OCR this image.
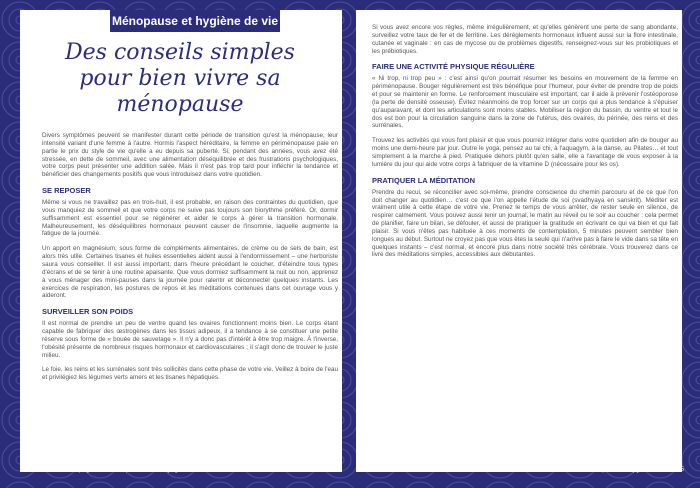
Ménopause et hygiène de vie
Des conseils simples pour bien vivre sa ménopause

Divers symptômes peuvent se manifester durant cette période de transition qu'est la ménopause, leur intensité variant d'une femme à l'autre. Hormis l'aspect héréditaire, la femme en périménopause paie en partie le prix du style de vie qu'elle a eu depuis sa puberté. Si, pendant des années, vous avez été stressée, en dette de sommeil, avec une alimentation déséquilibrée et des frustrations psychologiques, votre corps peut présenter une addition salée. Mais il n'est pas trop tard pour infléchir la tendance et bénéficier des changements positifs que vous introduisez dans votre quotidien.

SE REPOSER

Même si vous ne travaillez pas en trois-huit, il est probable, en raison des contraintes du quotidien, que vous manquiez de sommeil et que votre corps ne suive pas toujours son biorythme préféré. Or, dormir suffisamment est essentiel pour se régénérer et aider le corps à gérer la transition hormonale. Malheureusement, les déséquilibres hormonaux peuvent causer de l'insomnie, laquelle augmente la fatigue de la journée.

Un apport en magnésium, sous forme de compléments alimentaires, de crème ou de sels de bain, est alors très utile. Certaines tisanes et huiles essentielles aident aussi à l'endormissement – une herboriste saura vous conseiller. Il est aussi important, dans l'heure précédant le coucher, d'éteindre tous types d'écrans et de se tenir à une routine apaisante. Que vous dormiez suffisamment la nuit ou non, apprenez à vous ménager des mini-pauses dans la journée pour ralentir et déconnecter quelques instants. Les exercices de respiration, les postures de repos et les méditations contenues dans cet ouvrage vous y aideront.

SURVEILLER SON POIDS

Il est normal de prendre un peu de ventre quand les ovaires fonctionnent moins bien. Le corps étant capable de fabriquer des œstrogènes dans les tissus adipeux, il a tendance à se constituer une petite réserve sous forme de « bouée de sauvetage ». Il n'y a donc pas d'intérêt à être trop maigre. À l'inverse, l'obésité présente de nombreux risques hormonaux et cardiovasculaires ; il s'agit donc de trouver le juste milieu.

Le foie, les reins et les surrénales sont très sollicités dans cette phase de votre vie. Veillez à boire de l'eau et privilégiez les légumes verts amers et les tisanes hépatiques.

Si vous avez encore vos règles, même irrégulièrement, et qu'elles génèrent une perte de sang abondante, surveillez votre taux de fer et de ferritine. Les dérèglements hormonaux influent aussi sur la flore intestinale, cutanée et vaginale : en cas de mycose ou de problèmes digestifs, renseignez-vous sur les probiotiques et les prébiotiques.

FAIRE UNE ACTIVITÉ PHYSIQUE RÉGULIÈRE

« Ni trop, ni trop peu » : c'est ainsi qu'on pourrait résumer les besoins en mouvement de la femme en périménopause. Bouger régulièrement est très bénéfique pour l'humeur, pour éviter de prendre trop de poids et pour se maintenir en forme. Le renforcement musculaire est important, car il aide à prévenir l'ostéoporose (la perte de densité osseuse). Évitez néanmoins de trop forcer sur un corps qui a plus tendance à s'épuiser qu'auparavant, et dont les articulations sont moins stables. Mobiliser la région du bassin, du ventre et tout le dos est bon pour la circulation sanguine dans la zone de l'utérus, des ovaires, du périnée, des reins et des surrénales.

Trouvez les activités qui vous font plaisir et que vous pourrez intégrer dans votre quotidien afin de bouger au moins une demi-heure par jour. Outre le yoga, pensez au tai chi, à l'aquagym, à la danse, au Pilates… et tout simplement à la marche à pied. Pratiquée dehors plutôt qu'en salle, elle a l'avantage de vous exposer à la lumière du jour qui aide votre corps à fabriquer de la vitamine D (nécessaire pour les os).

PRATIQUER LA MÉDITATION

Prendre du recul, se réconcilier avec soi-même, prendre conscience du chemin parcouru et de ce que l'on doit changer au quotidien… c'est ce que l'on appelle l'étude de soi (svadhyaya en sanskrit). Méditer est vraiment utile à cette étape de votre vie. Prenez le temps de vous arrêter, de rester seule en silence, de respirer calmement. Vous pouvez aussi tenir un journal, le matin au réveil ou le soir au coucher : cela permet de planifier, faire un bilan, se défouler, et aussi de pratiquer la gratitude en écrivant ce qui va bien et qui fait plaisir. Si vous n'êtes pas habituée à ces moments de contemplation, 5 minutes peuvent sembler bien longues au début. Surtout ne croyez pas que vous êtes la seule qui n'arrive pas à faire le vide dans sa tête en quelques instants – c'est normal, et encore plus dans notre société très cérébrale. Vous trouverez dans ce livre des méditations simples, accessibles aux débutantes.

44 • J'accompagne ma ménopause avec le yoga	Ménopause et hygiène de vie • 45
